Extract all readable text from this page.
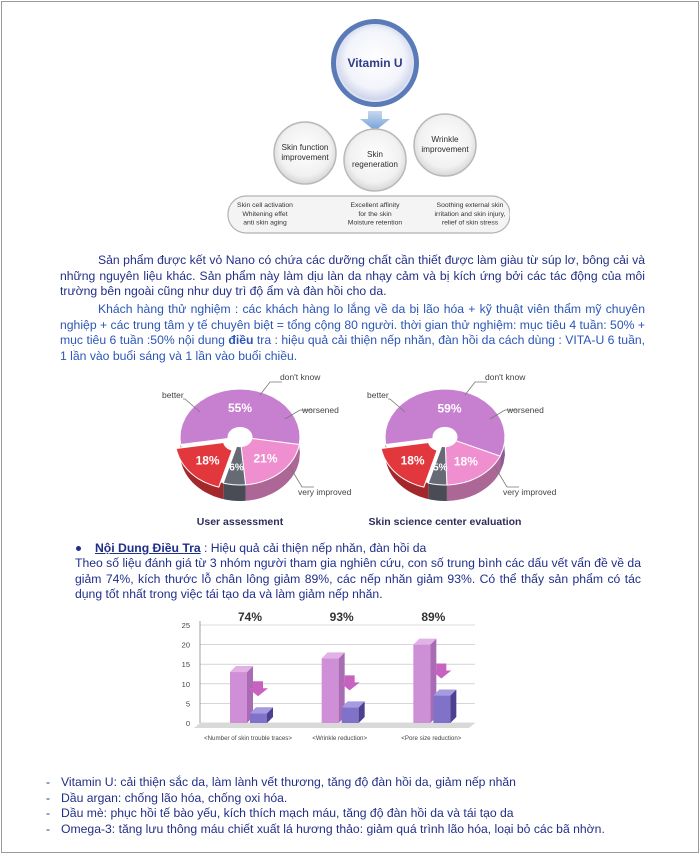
Vitamin U
Skin function improvement	Skin regeneration
Wrinkle improvement
Skin cell activation Whitening effet anti skin aging
Excellent affinity for the skin Moisture retention
Soothing external skin irritation and skin injury, relief of skin stress

Sản phẩm được kết vỏ Nano có chứa các dưỡng chất cần thiết được làm giàu từ súp lơ, bông cải và những nguyên liệu khác. Sản phẩm này làm dịu làn da nhạy cảm và bị kích ứng bởi các tác động của môi trường bên ngoài cũng như duy trì độ ẩm và đàn hồi cho da.

Khách hàng thử nghiệm : các khách hàng lo lắng về da bị lão hóa + kỹ thuật viên thẩm mỹ chuyên nghiệp + các trung tâm y tế chuyên biệt = tổng cộng 80 người. thời gian thử nghiệm: mục tiêu 4 tuần: 50% + mục tiêu 6 tuần :50% nội dung điều tra : hiệu quả cải thiện nếp nhăn, đàn hồi da cách dùng : VITA-U 6 tuần, 1 lần vào buổi sáng và 1 lần vào buổi chiều.

55%
21%
6%
18%
better
don't know
worsened
very improved
User assessment
59%
18%
5%
18%
better
don't know
worsened
very improved
Skin science center evaluation
Nội Dung Điều Tra : Hiệu quả cải thiện nếp nhăn, đàn hồi da

Theo số liệu đánh giá từ 3 nhóm người tham gia nghiên cứu, con số trung bình các dấu vết vẩn đề về da giảm 74%, kích thước lỗ chân lông giảm 89%, các nếp nhăn giảm 93%. Có thể thấy sản phẩm có tác dụng tốt nhất trong việc tái tạo da và làm giảm nếp nhăn.

0
5
10
15
20
25
74%
<Number of skin trouble traces>
93%
<Wrinkle reduction>
89%
<Pore size reduction>
- Vitamin U: cải thiện sắc da, làm lành vết thương, tăng độ đàn hồi da, giảm nếp nhăn
- Dầu argan: chống lão hóa, chống oxi hóa.
- Dầu mè: phục hồi tế bào yếu, kích thích mạch máu, tăng độ đàn hồi da và tái tạo da
- Omega-3: tăng lưu thông máu chiết xuất lá hương thảo: giảm quá trình lão hóa, loại bỏ các bã nhờn.
